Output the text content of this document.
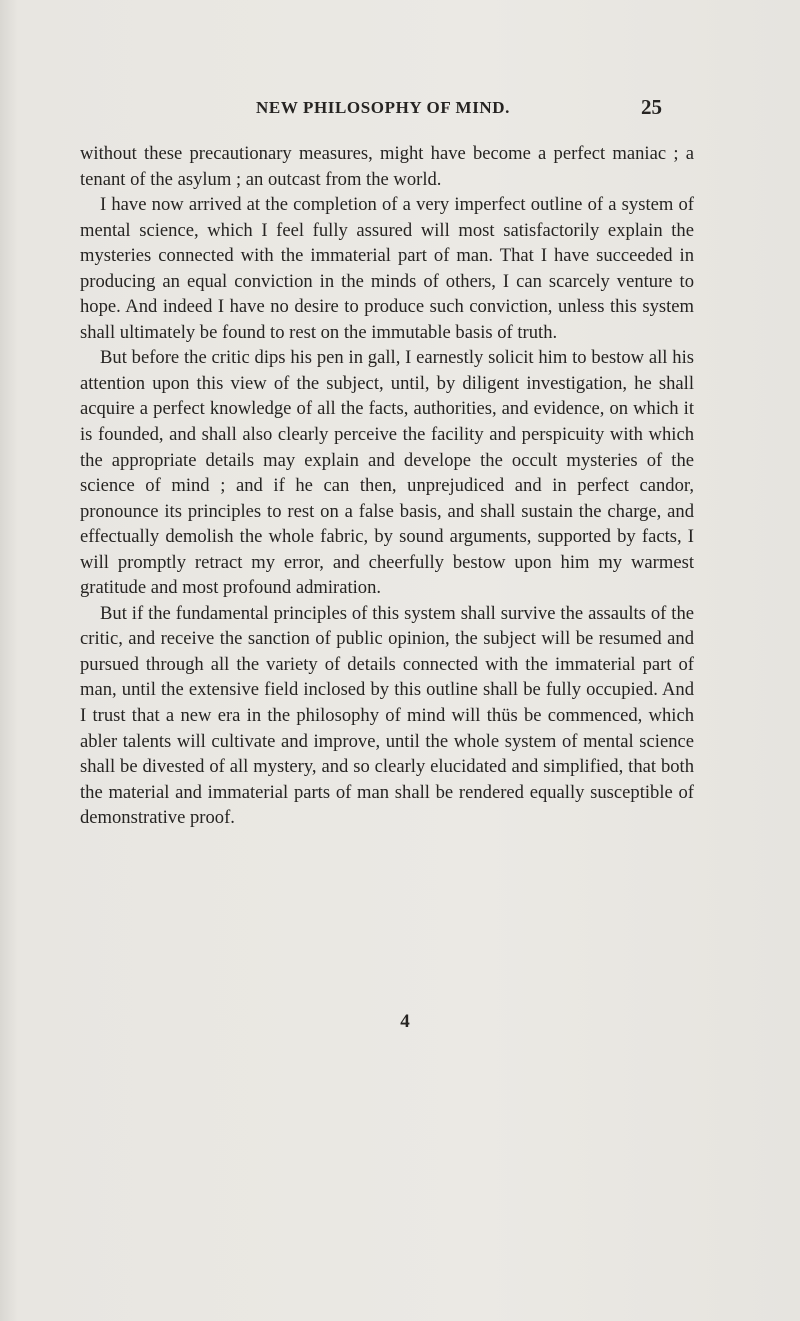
NEW PHILOSOPHY OF MIND.	25

without these precautionary measures, might have become a perfect maniac ; a tenant of the asylum ; an outcast from the world.

I have now arrived at the completion of a very imperfect outline of a system of mental science, which I feel fully assured will most satisfactorily explain the mysteries connected with the immaterial part of man. That I have succeeded in producing an equal conviction in the minds of others, I can scarcely venture to hope. And indeed I have no desire to produce such conviction, unless this system shall ultimately be found to rest on the immutable basis of truth.

But before the critic dips his pen in gall, I earnestly solicit him to bestow all his attention upon this view of the subject, until, by diligent investigation, he shall acquire a perfect knowledge of all the facts, authorities, and evidence, on which it is founded, and shall also clearly perceive the facility and perspicuity with which the appropriate details may explain and develope the occult mysteries of the science of mind ; and if he can then, unprejudiced and in perfect candor, pronounce its principles to rest on a false basis, and shall sustain the charge, and effectually demolish the whole fabric, by sound arguments, supported by facts, I will promptly retract my error, and cheerfully bestow upon him my warmest gratitude and most profound admiration.

But if the fundamental principles of this system shall survive the assaults of the critic, and receive the sanction of public opinion, the subject will be resumed and pursued through all the variety of details connected with the immaterial part of man, until the extensive field inclosed by this outline shall be fully occupied. And I trust that a new era in the philosophy of mind will thüs be commenced, which abler talents will cultivate and improve, until the whole system of mental science shall be divested of all mystery, and so clearly elucidated and simplified, that both the material and immaterial parts of man shall be rendered equally susceptible of demonstrative proof.

4
